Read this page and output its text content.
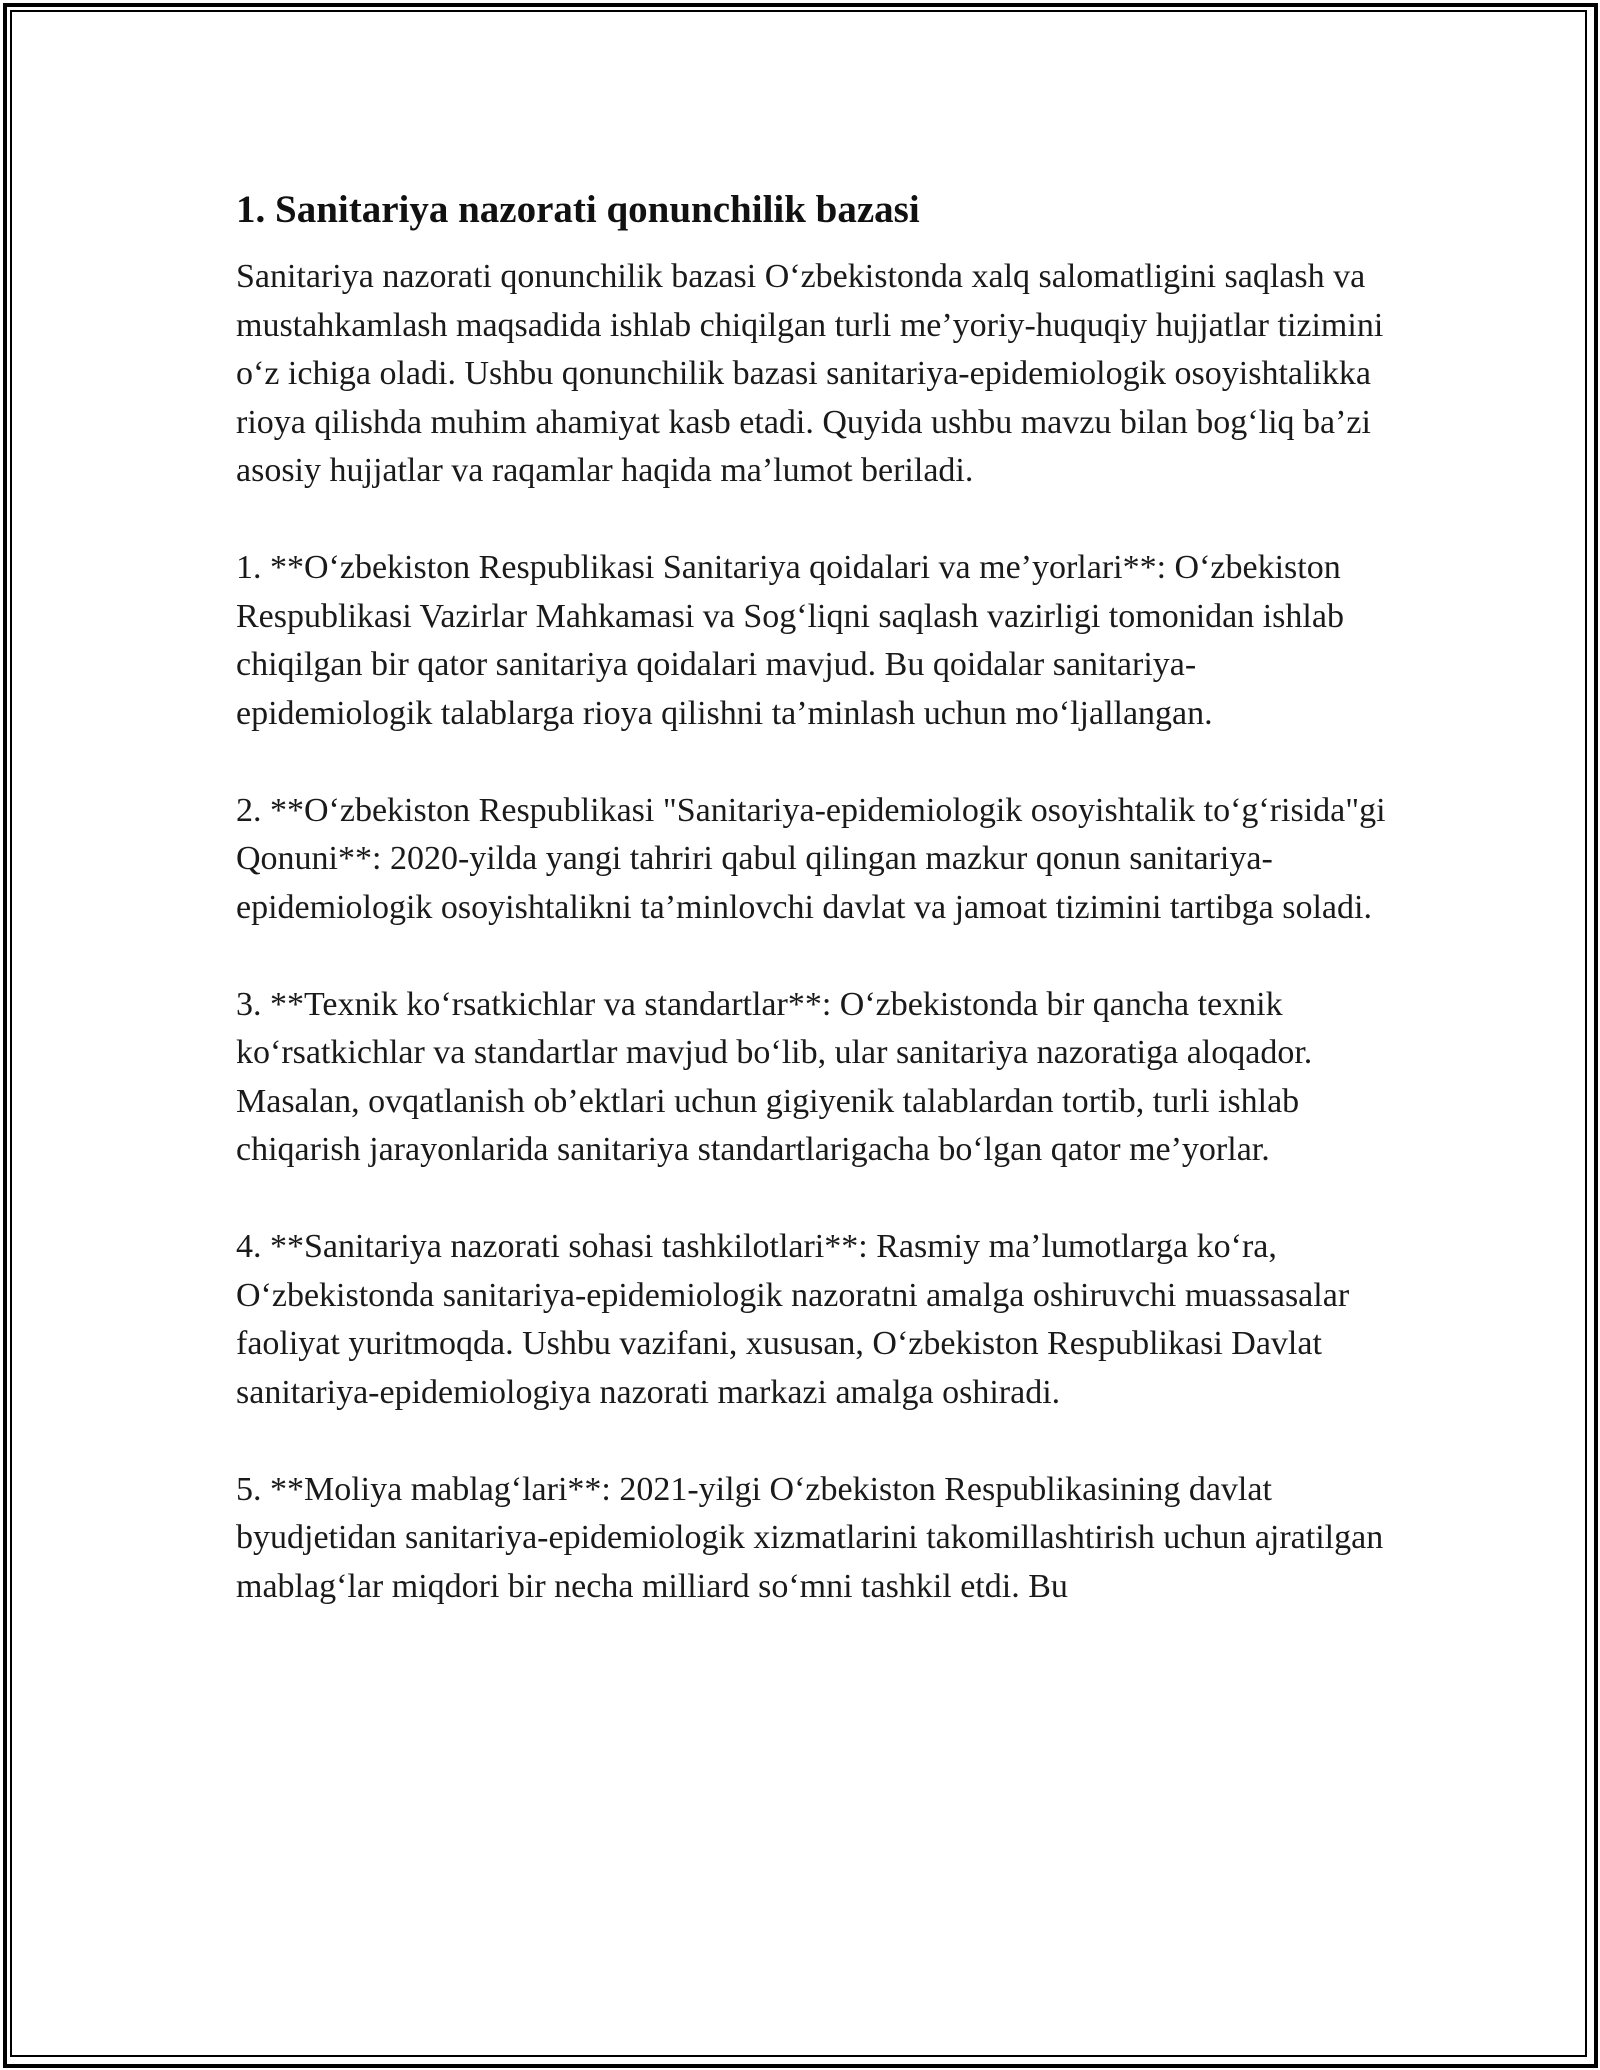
1. Sanitariya nazorati qonunchilik bazasi

Sanitariya nazorati qonunchilik bazasi O‘zbekistonda xalq salomatligini saqlash va mustahkamlash maqsadida ishlab chiqilgan turli me’yoriy-huquqiy hujjatlar tizimini o‘z ichiga oladi. Ushbu qonunchilik bazasi sanitariya-epidemiologik osoyishtalikka rioya qilishda muhim ahamiyat kasb etadi. Quyida ushbu mavzu bilan bog‘liq ba’zi asosiy hujjatlar va raqamlar haqida ma’lumot beriladi.

1. **O‘zbekiston Respublikasi Sanitariya qoidalari va me’yorlari**: O‘zbekiston Respublikasi Vazirlar Mahkamasi va Sog‘liqni saqlash vazirligi tomonidan ishlab chiqilgan bir qator sanitariya qoidalari mavjud. Bu qoidalar sanitariya-epidemiologik talablarga rioya qilishni ta’minlash uchun mo‘ljallangan.

2. **O‘zbekiston Respublikasi "Sanitariya-epidemiologik osoyishtalik to‘g‘risida"gi Qonuni**: 2020-yilda yangi tahriri qabul qilingan mazkur qonun sanitariya-epidemiologik osoyishtalikni ta’minlovchi davlat va jamoat tizimini tartibga soladi.

3. **Texnik ko‘rsatkichlar va standartlar**: O‘zbekistonda bir qancha texnik ko‘rsatkichlar va standartlar mavjud bo‘lib, ular sanitariya nazoratiga aloqador. Masalan, ovqatlanish ob’ektlari uchun gigiyenik talablardan tortib, turli ishlab chiqarish jarayonlarida sanitariya standartlarigacha bo‘lgan qator me’yorlar.

4. **Sanitariya nazorati sohasi tashkilotlari**: Rasmiy ma’lumotlarga ko‘ra, O‘zbekistonda sanitariya-epidemiologik nazoratni amalga oshiruvchi muassasalar faoliyat yuritmoqda. Ushbu vazifani, xususan, O‘zbekiston Respublikasi Davlat sanitariya-epidemiologiya nazorati markazi amalga oshiradi.

5. **Moliya mablag‘lari**: 2021-yilgi O‘zbekiston Respublikasining davlat byudjetidan sanitariya-epidemiologik xizmatlarini takomillashtirish uchun ajratilgan mablag‘lar miqdori bir necha milliard so‘mni tashkil etdi. Bu
